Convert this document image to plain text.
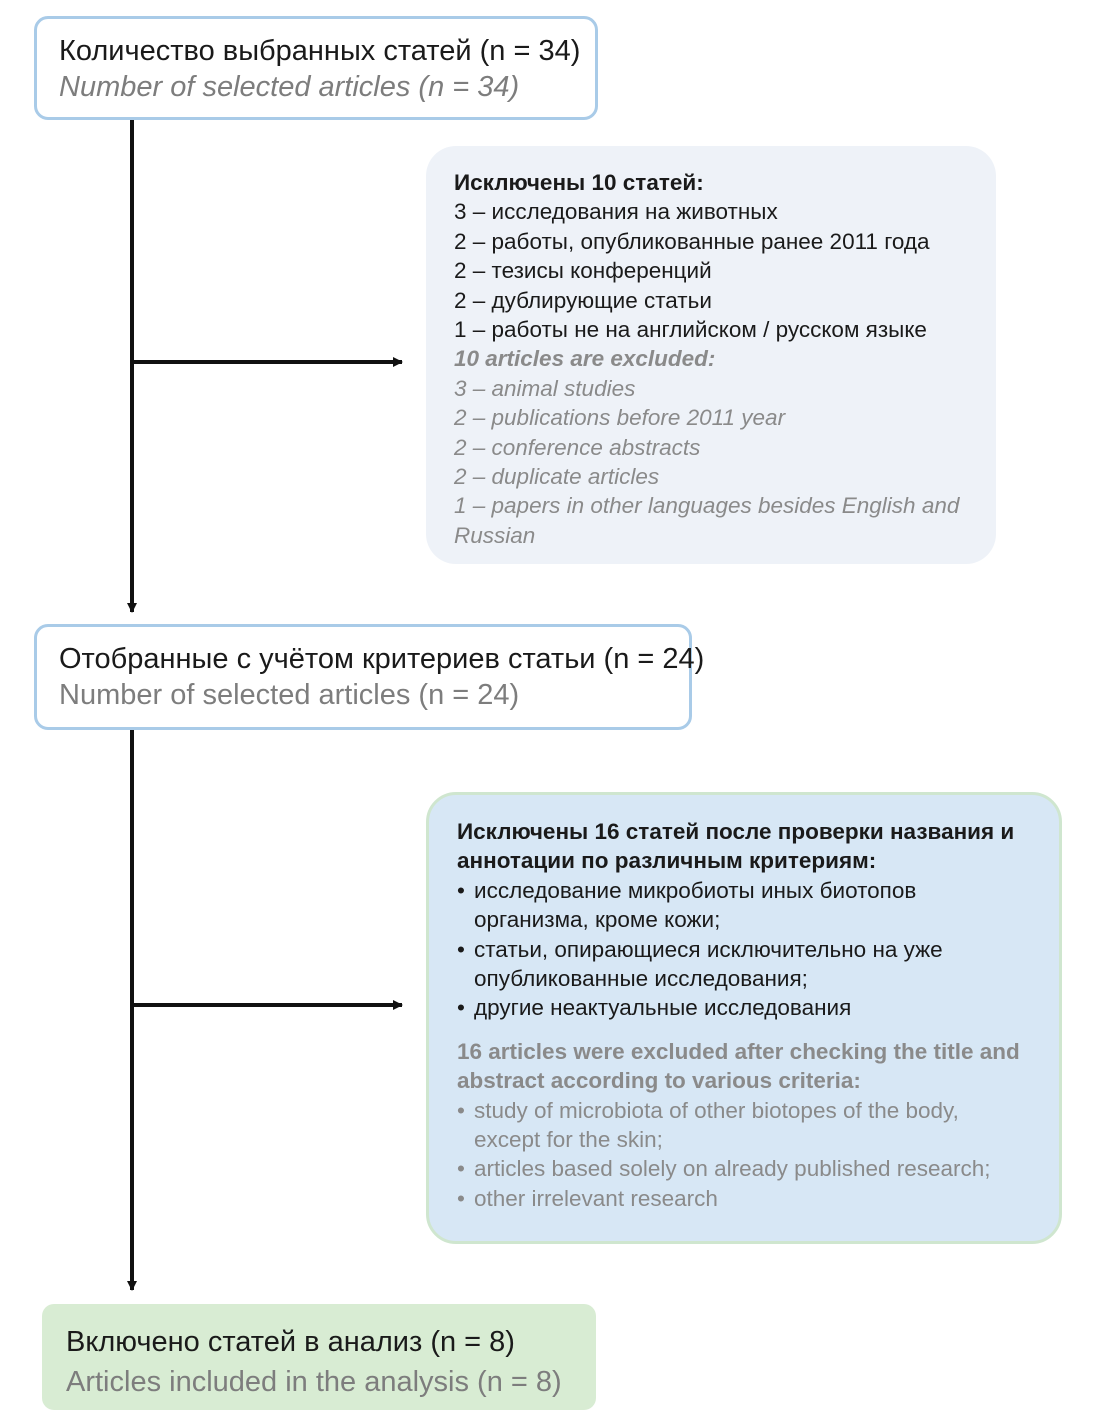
Количество выбранных статей (n = 34)
Number of selected articles (n = 34)
Исключены 10 статей:
3 – исследования на животных
2 – работы, опубликованные ранее 2011 года
2 – тезисы конференций
2 – дублирующие статьи
1 – работы не на английском / русском языке
10 articles are excluded:
3 – animal studies
2 – publications before 2011 year
2 – conference abstracts
2 – duplicate articles
1 – papers in other languages besides English and Russian
Отобранные с учётом критериев статьи (n = 24)
Number of selected articles (n = 24)
Исключены 16 статей после проверки названия и аннотации по различным критериям:
• исследование микробиоты иных биотопов организма, кроме кожи;
• статьи, опирающиеся исключительно на уже опубликованные исследования;
• другие неактуальные исследования
16 articles were excluded after checking the title and abstract according to various criteria:
• study of microbiota of other biotopes of the body, except for the skin;
• articles based solely on already published research;
• other irrelevant research
Включено статей в анализ (n = 8)
Articles included in the analysis (n = 8)
